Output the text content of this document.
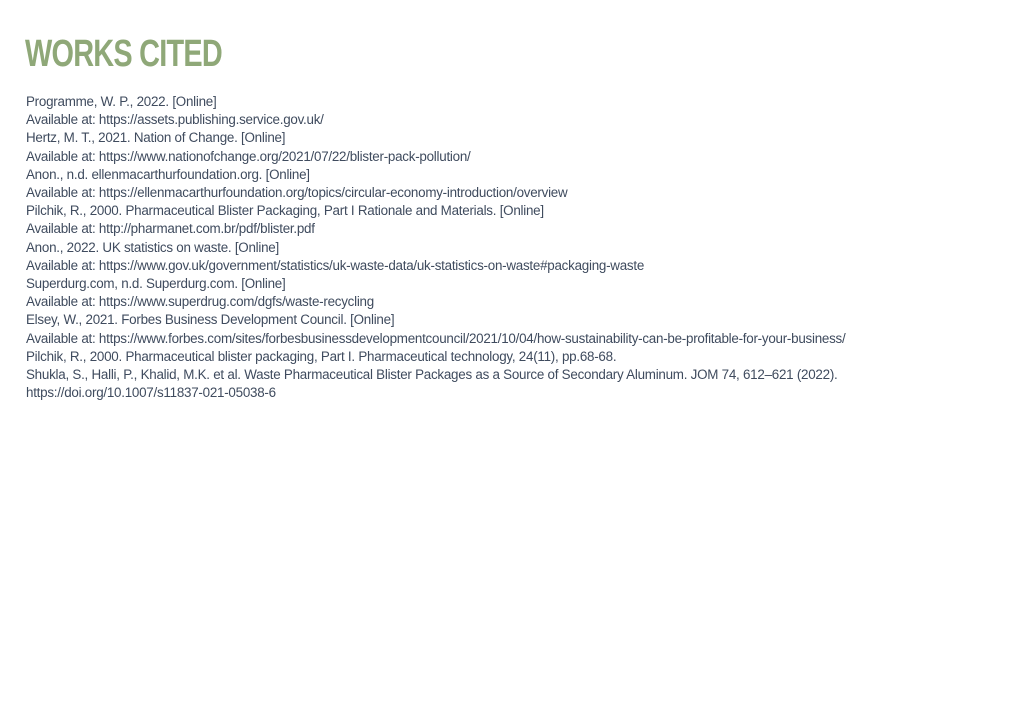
WORKS CITED
Programme, W. P., 2022. [Online]
Available at: https://assets.publishing.service.gov.uk/
Hertz, M. T., 2021. Nation of Change. [Online]
Available at: https://www.nationofchange.org/2021/07/22/blister-pack-pollution/
Anon., n.d. ellenmacarthurfoundation.org. [Online]
Available at: https://ellenmacarthurfoundation.org/topics/circular-economy-introduction/overview
Pilchik, R., 2000. Pharmaceutical Blister Packaging, Part I Rationale and Materials. [Online]
Available at: http://pharmanet.com.br/pdf/blister.pdf
Anon., 2022. UK statistics on waste. [Online]
Available at: https://www.gov.uk/government/statistics/uk-waste-data/uk-statistics-on-waste#packaging-waste
Superdurg.com, n.d. Superdurg.com. [Online]
Available at: https://www.superdrug.com/dgfs/waste-recycling
Elsey, W., 2021. Forbes Business Development Council. [Online]
Available at: https://www.forbes.com/sites/forbesbusinessdevelopmentcouncil/2021/10/04/how-sustainability-can-be-profitable-for-your-business/
Pilchik, R., 2000. Pharmaceutical blister packaging, Part I. Pharmaceutical technology, 24(11), pp.68-68.
Shukla, S., Halli, P., Khalid, M.K. et al. Waste Pharmaceutical Blister Packages as a Source of Secondary Aluminum. JOM 74, 612–621 (2022). https://doi.org/10.1007/s11837-021-05038-6
